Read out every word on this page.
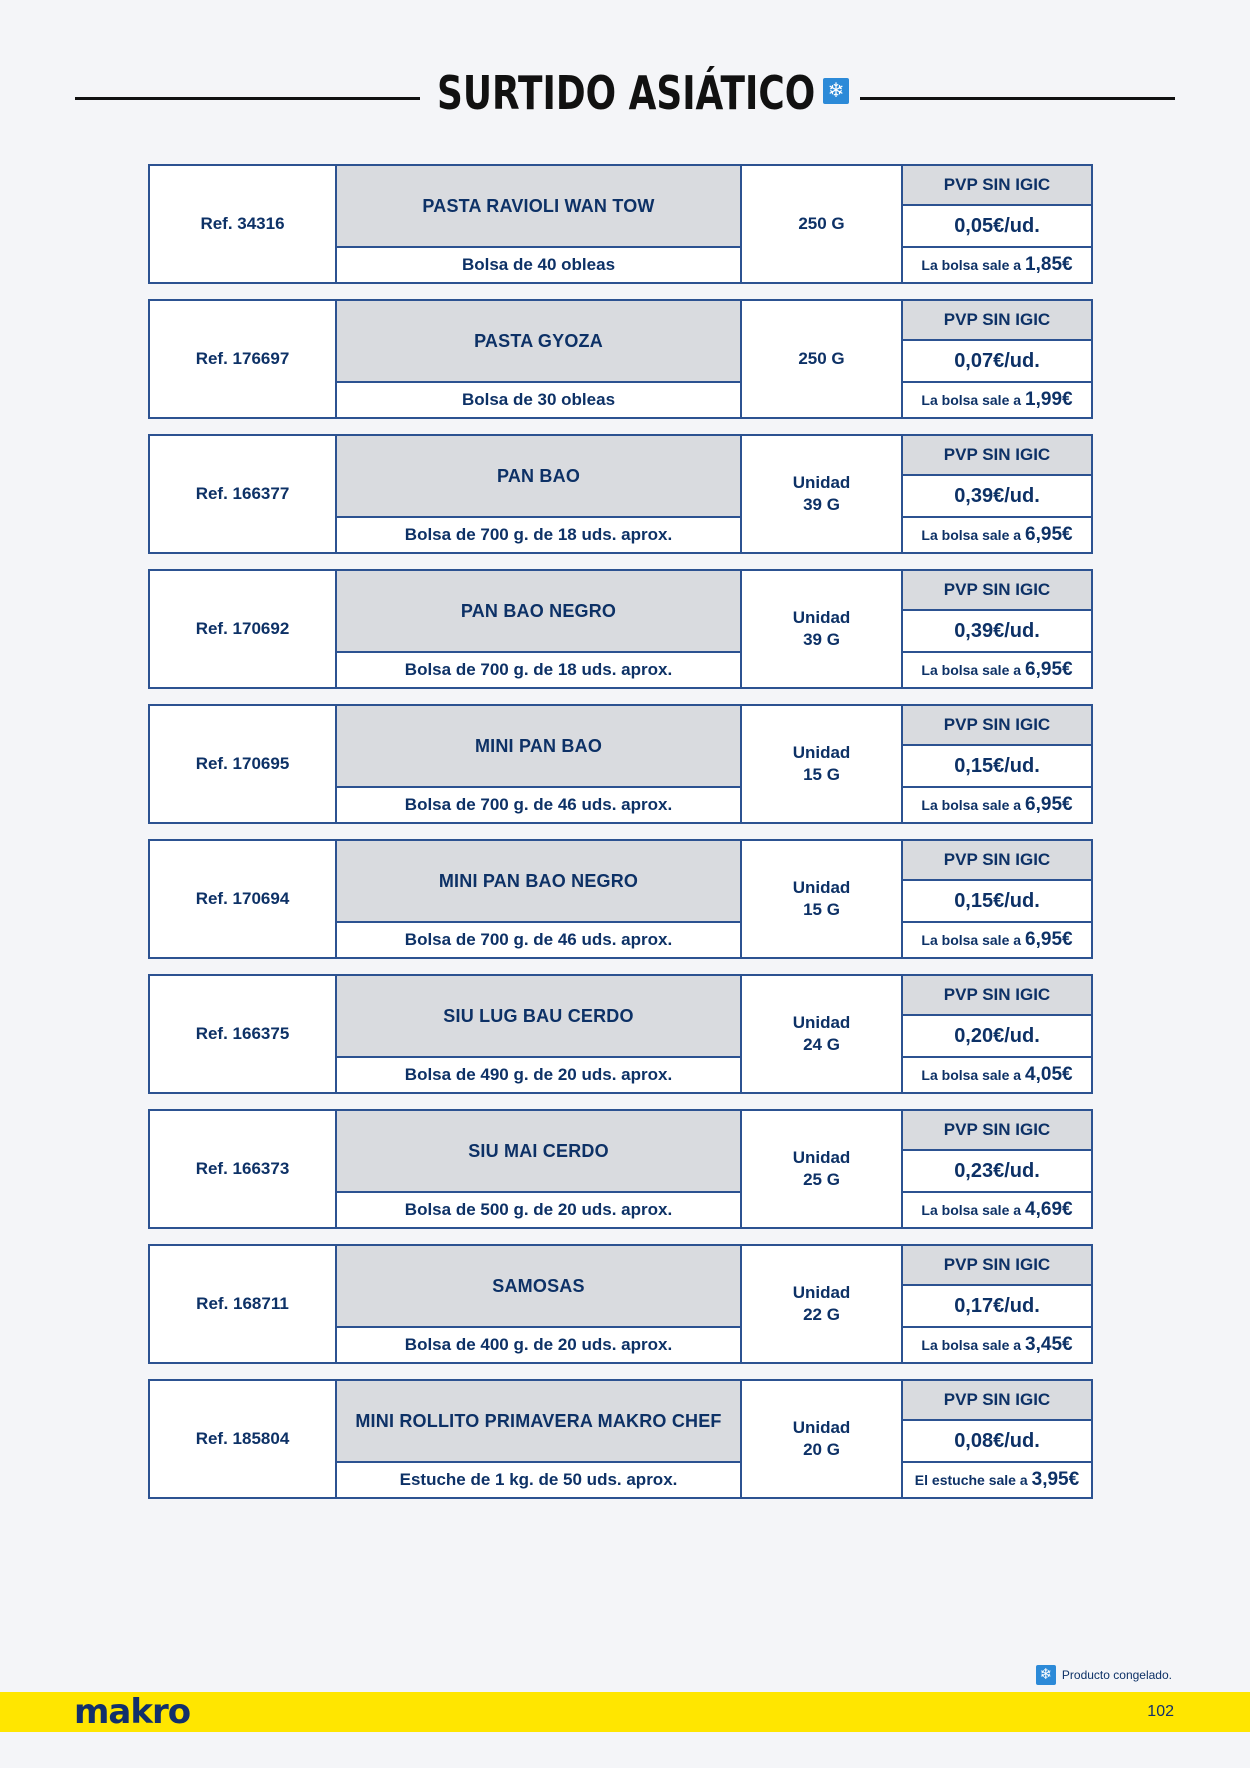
SURTIDO ASIÁTICO ❄
Ref. 34316
PASTA RAVIOLI WAN TOW
Bolsa de 40 obleas
250 G
PVP SIN IGIC
0,05€/ud.
La bolsa sale a 1,85€
Ref. 176697
PASTA GYOZA
Bolsa de 30 obleas
250 G
PVP SIN IGIC
0,07€/ud.
La bolsa sale a 1,99€
Ref. 166377
PAN BAO
Bolsa de 700 g. de 18 uds. aprox.
Unidad
39 G
PVP SIN IGIC
0,39€/ud.
La bolsa sale a 6,95€
Ref. 170692
PAN BAO NEGRO
Bolsa de 700 g. de 18 uds. aprox.
Unidad
39 G
PVP SIN IGIC
0,39€/ud.
La bolsa sale a 6,95€
Ref. 170695
MINI PAN BAO
Bolsa de 700 g. de 46 uds. aprox.
Unidad
15 G
PVP SIN IGIC
0,15€/ud.
La bolsa sale a 6,95€
Ref. 170694
MINI PAN BAO NEGRO
Bolsa de 700 g. de 46 uds. aprox.
Unidad
15 G
PVP SIN IGIC
0,15€/ud.
La bolsa sale a 6,95€
Ref. 166375
SIU LUG BAU CERDO
Bolsa de 490 g. de 20 uds. aprox.
Unidad
24 G
PVP SIN IGIC
0,20€/ud.
La bolsa sale a 4,05€
Ref. 166373
SIU MAI CERDO
Bolsa de 500 g. de 20 uds. aprox.
Unidad
25 G
PVP SIN IGIC
0,23€/ud.
La bolsa sale a 4,69€
Ref. 168711
SAMOSAS
Bolsa de 400 g. de 20 uds. aprox.
Unidad
22 G
PVP SIN IGIC
0,17€/ud.
La bolsa sale a 3,45€
Ref. 185804
MINI ROLLITO PRIMAVERA MAKRO CHEF
Estuche de 1 kg. de 50 uds. aprox.
Unidad
20 G
PVP SIN IGIC
0,08€/ud.
El estuche sale a 3,95€
❄ Producto congelado.
makro	102
